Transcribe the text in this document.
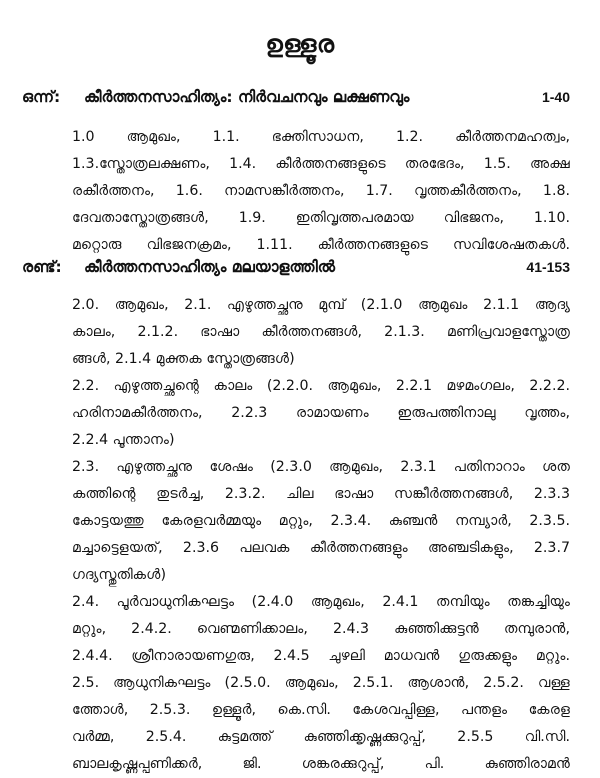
ഉള്ളൂര
ഒന്ന്:	കീർത്തനസാഹിത്യം: നിർവചനവും ലക്ഷണവും	1-40
1.0 ആമുഖം, 1.1. ഭക്തിസാധന, 1.2. കീർത്തനമഹത്വം,
1.3.സ്തോത്രലക്ഷണം, 1.4. കീർത്തനങ്ങളുടെ തരഭേദം, 1.5. അക്ഷ
രകീർത്തനം, 1.6. നാമസങ്കീർത്തനം, 1.7. വൃത്തകീർത്തനം, 1.8.
ദേവതാസ്തോത്രങ്ങൾ, 1.9. ഇതിവൃത്തപരമായ വിഭജനം, 1.10.
മറ്റൊരു വിഭജനക്രമം, 1.11. കീർത്തനങ്ങളുടെ സവിശേഷതകൾ.
രണ്ട്:	കീർത്തനസാഹിത്യം മലയാളത്തിൽ	41-153
2.0. ആമുഖം, 2.1. എഴുത്തച്ഛനു മുമ്പ് (2.1.0 ആമുഖം 2.1.1 ആദ്യ
കാലം, 2.1.2. ഭാഷാ കീർത്തനങ്ങൾ, 2.1.3. മണിപ്രവാളസ്തോത്ര
ങ്ങൾ, 2.1.4 മുക്തക സ്തോത്രങ്ങൾ)
2.2. എഴുത്തച്ഛന്റെ കാലം (2.2.0. ആമുഖം, 2.2.1 മഴമംഗലം, 2.2.2.
ഹരിനാമകീർത്തനം, 2.2.3 രാമായണം ഇരുപത്തിനാലു വൃത്തം,
2.2.4 പൂന്താനം)
2.3. എഴുത്തച്ഛനു ശേഷം (2.3.0 ആമുഖം, 2.3.1 പതിനാറാം ശത
കത്തിന്റെ തുടർച്ച, 2.3.2. ചില ഭാഷാ സങ്കീർത്തനങ്ങൾ, 2.3.3
കോട്ടയത്തു കേരളവർമ്മയും മറ്റും, 2.3.4. കുഞ്ചൻ നമ്പ്യാർ, 2.3.5.
മച്ചാട്ടെളയത്, 2.3.6 പലവക കീർത്തനങ്ങളും അഞ്ചടികളും, 2.3.7
ഗദ്യസ്തുതികൾ)
2.4. പൂർവാധുനികഘട്ടം (2.4.0 ആമുഖം, 2.4.1 തമ്പിയും തങ്കച്ചിയും
മറ്റും, 2.4.2. വെണ്മണിക്കാലം, 2.4.3 കുഞ്ഞിക്കുട്ടൻ തമ്പുരാൻ,
2.4.4. ശ്രീനാരായണഗുരു, 2.4.5 ചുഴലി മാധവൻ ഗുരുക്കളും മറ്റും.
2.5. ആധുനികഘട്ടം (2.5.0. ആമുഖം, 2.5.1. ആശാൻ, 2.5.2. വള്ള
ത്തോൾ, 2.5.3. ഉള്ളൂർ, കെ.സി. കേശവപ്പിള്ള, പന്തളം കേരള
വർമ്മ, 2.5.4. കുട്ടമത്ത് കുഞ്ഞിക്കൃഷ്ണക്കുറുപ്പ്, 2.5.5 വി.സി.
ബാലകൃഷ്ണപ്പണിക്കർ, ജി. ശങ്കരക്കുറുപ്പ്, പി. കുഞ്ഞിരാമൻ
